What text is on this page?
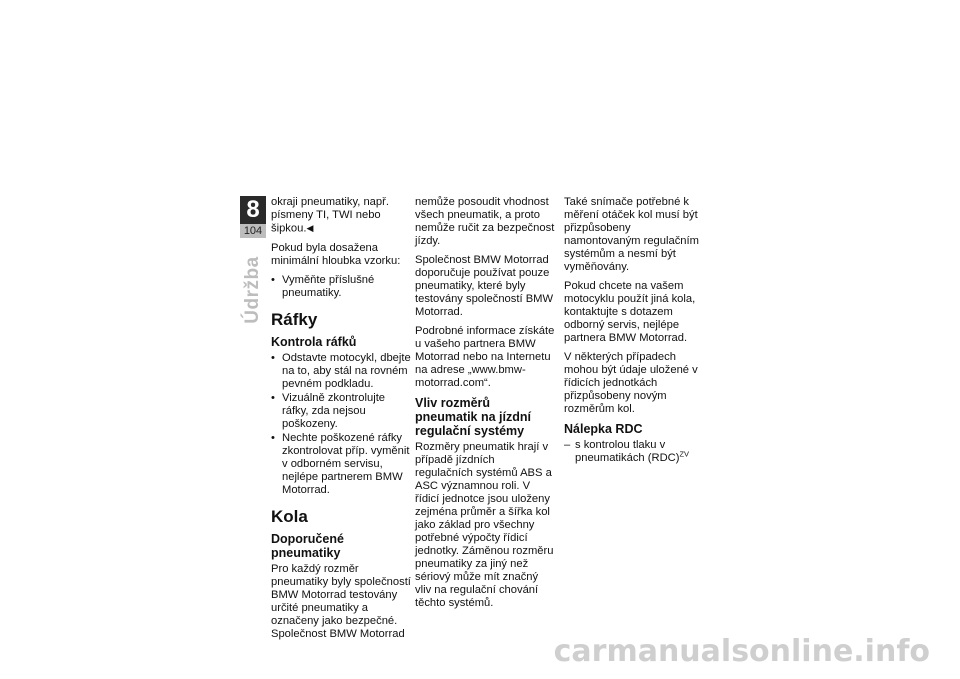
8
104
Údržba

okraji pneumatiky, např. písmeny TI, TWI nebo šipkou.◀

Pokud byla dosažena minimální hloubka vzorku:

• Vyměňte příslušné pneumatiky.
Ráfky
Kontrola ráfků
• Odstavte motocykl, dbejte na to, aby stál na rovném pevném podkladu.
• Vizuálně zkontrolujte ráfky, zda nejsou poškozeny.
• Nechte poškozené ráfky zkontrolovat příp. vyměnit v odborném servisu, nejlépe partnerem BMW Motorrad.
Kola
Doporučené pneumatiky

Pro každý rozměr pneumatiky byly společností BMW Motorrad testovány určité pneumatiky a označeny jako bezpečné. Společnost BMW Motorrad

nemůže posoudit vhodnost všech pneumatik, a proto nemůže ručit za bezpečnost jízdy.

Společnost BMW Motorrad doporučuje používat pouze pneumatiky, které byly testovány společností BMW Motorrad.

Podrobné informace získáte u vašeho partnera BMW Motorrad nebo na Internetu na adrese „www.bmw-motorrad.com“.

Vliv rozměrů pneumatik na jízdní regulační systémy

Rozměry pneumatik hrají v případě jízdních regulačních systémů ABS a ASC významnou roli. V řídicí jednotce jsou uloženy zejména průměr a šířka kol jako základ pro všechny potřebné výpočty řídicí jednotky. Záměnou rozměru pneumatiky za jiný než sériový může mít značný vliv na regulační chování těchto systémů.

Také snímače potřebné k měření otáček kol musí být přizpůsobeny namontovaným regulačním systémům a nesmí být vyměňovány.

Pokud chcete na vašem motocyklu použít jiná kola, kontaktujte s dotazem odborný servis, nejlépe partnera BMW Motorrad.

V některých případech mohou být údaje uložené v řídicích jednotkách přizpůsobeny novým rozměrům kol.

Nálepka RDC
– s kontrolou tlaku v pneumatikách (RDC)$^{ZV}$
carmanualsonline.info
